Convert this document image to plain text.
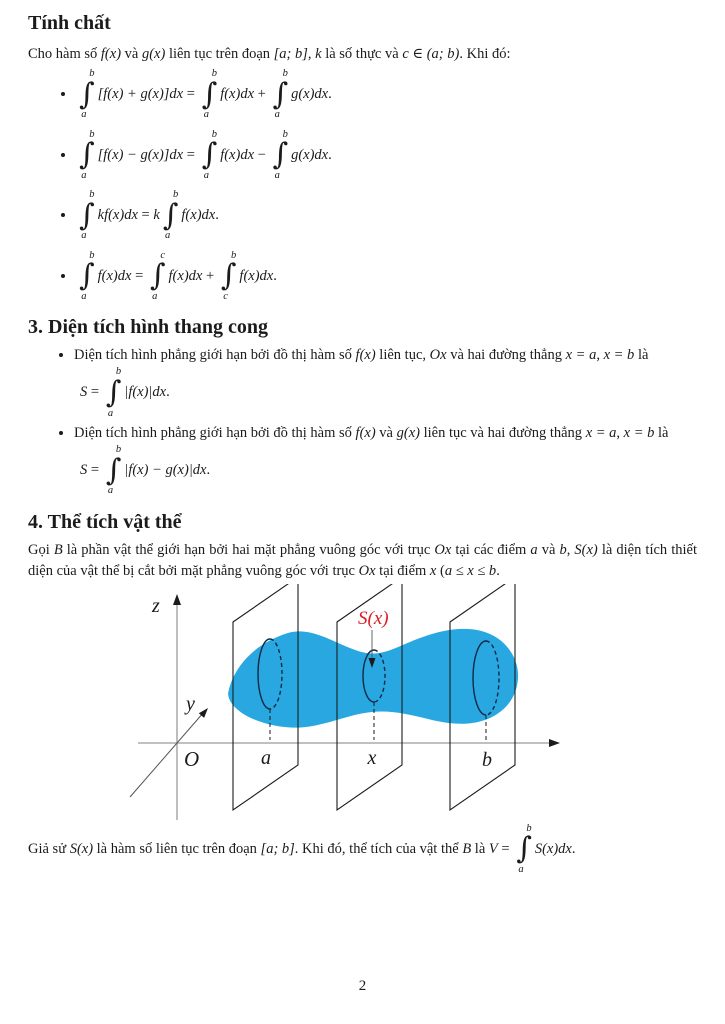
Tính chất

Cho hàm số f(x) và g(x) liên tục trên đoạn [a; b], k là số thực và c ∈ (a; b). Khi đó:

• b
∫
a
[f(x) + g(x)]dx =
b
∫
a
f(x)dx +
b
∫
a
g(x)dx.
• b
∫
a
[f(x) − g(x)]dx =
b
∫
a
f(x)dx −
b
∫
a
g(x)dx.
• b
∫
a
kf(x)dx = k
b
∫
a
f(x)dx.
• b
∫
a
f(x)dx =
c
∫
a
f(x)dx +
b
∫
c
f(x)dx.
3. Diện tích hình thang cong
• Diện tích hình phẳng giới hạn bởi đồ thị hàm số f(x) liên tục, Ox và hai đường thẳng x = a, x = b là
S =
b
∫
a
|f(x)|dx.
• Diện tích hình phẳng giới hạn bởi đồ thị hàm số f(x) và g(x) liên tục và hai đường thẳng x = a, x = b là
S =
b
∫
a
|f(x) − g(x)|dx.
4. Thể tích vật thể

Gọi B là phần vật thể giới hạn bởi hai mặt phẳng vuông góc với trục Ox tại các điểm a và b, S(x) là diện tích thiết diện của vật thể bị cắt bởi mặt phẳng vuông góc với trục Ox tại điểm x (a ≤ x ≤ b.

z
y
O	a	x	b
S(x)

Giả sử S(x) là hàm số liên tục trên đoạn [a; b]. Khi đó, thể tích của vật thể B là V =
b
∫
a
S(x)dx.

2
